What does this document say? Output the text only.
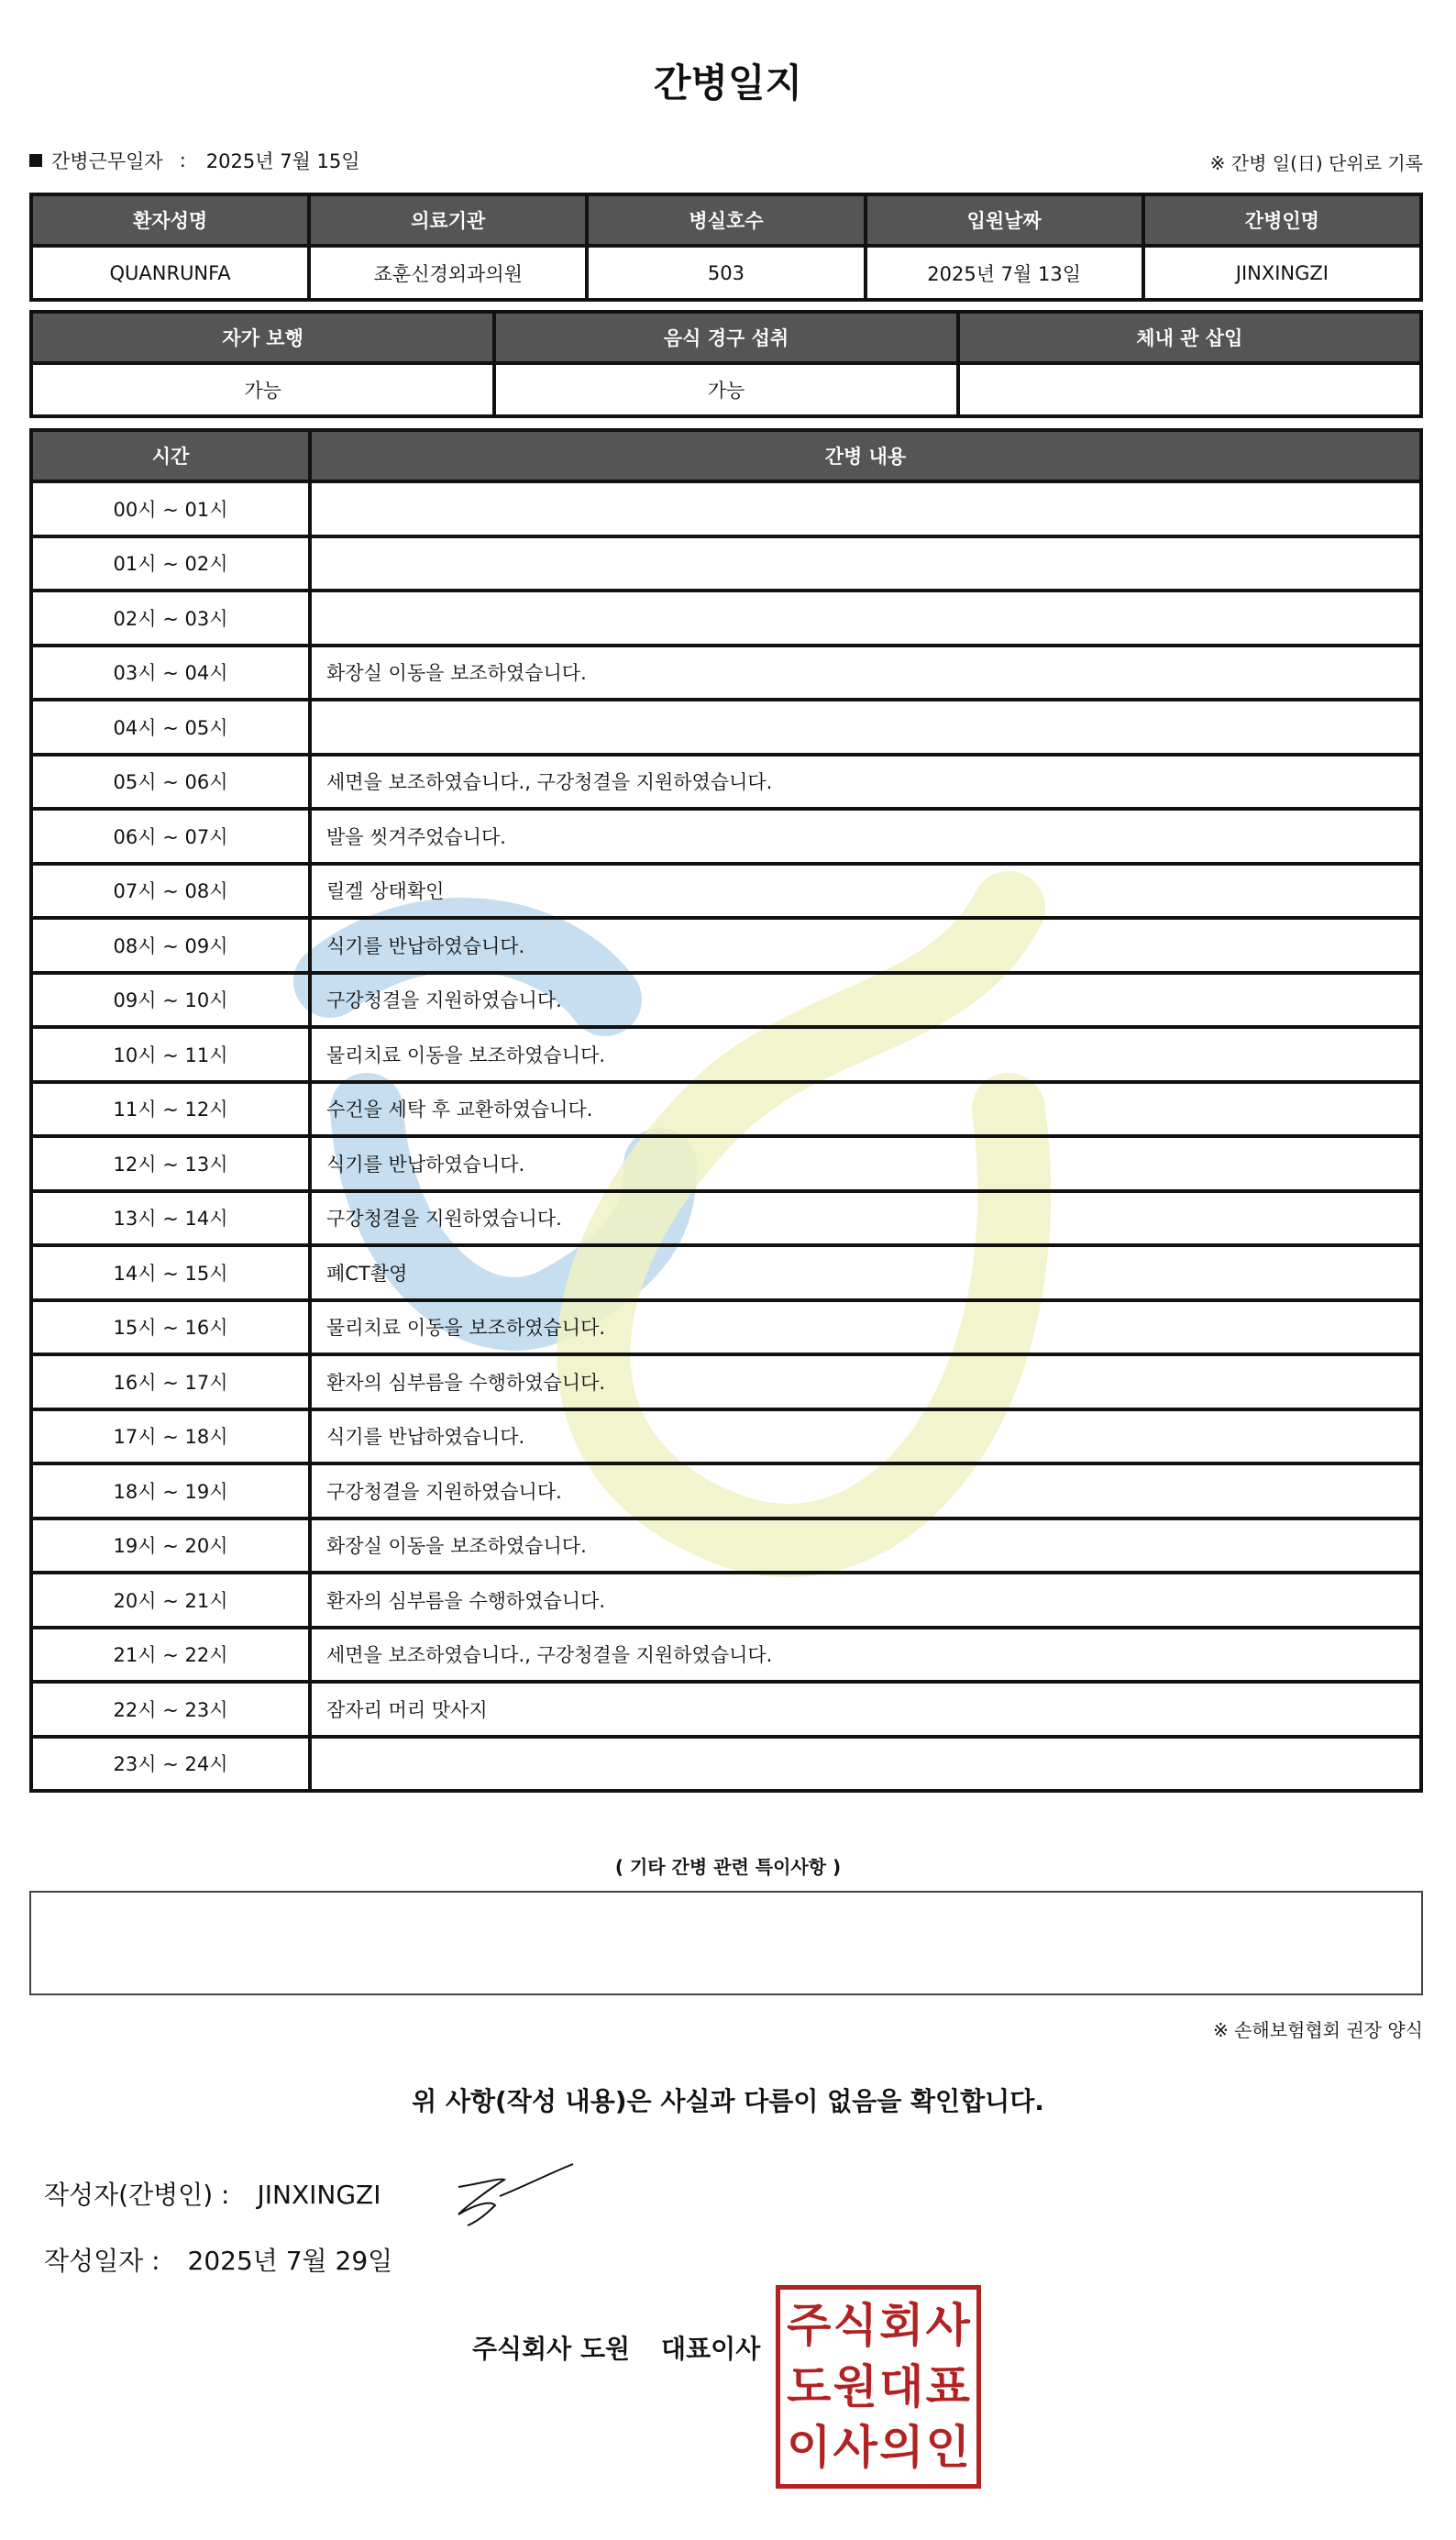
간병일지
간병근무일자 : 2025년 7월 15일	※ 간병 일(日) 단위로 기록
환자성명	의료기관	병실호수	입원날짜	간병인명
QUANRUNFA	죠훈신경외과의원	503	2025년 7월 13일	JINXINGZI
자가 보행	음식 경구 섭취	체내 관 삽입
가능	가능	
시간	간병 내용
00시 ~ 01시	
01시 ~ 02시	
02시 ~ 03시	
03시 ~ 04시	화장실 이동을 보조하였습니다.
04시 ~ 05시	
05시 ~ 06시	세면을 보조하였습니다., 구강청결을 지원하였습니다.
06시 ~ 07시	발을 씻겨주었습니다.
07시 ~ 08시	릴겔 상태확인
08시 ~ 09시	식기를 반납하였습니다.
09시 ~ 10시	구강청결을 지원하였습니다.
10시 ~ 11시	물리치료 이동을 보조하였습니다.
11시 ~ 12시	수건을 세탁 후 교환하였습니다.
12시 ~ 13시	식기를 반납하였습니다.
13시 ~ 14시	구강청결을 지원하였습니다.
14시 ~ 15시	폐CT촬영
15시 ~ 16시	물리치료 이동을 보조하였습니다.
16시 ~ 17시	환자의 심부름을 수행하였습니다.
17시 ~ 18시	식기를 반납하였습니다.
18시 ~ 19시	구강청결을 지원하였습니다.
19시 ~ 20시	화장실 이동을 보조하였습니다.
20시 ~ 21시	환자의 심부름을 수행하였습니다.
21시 ~ 22시	세면을 보조하였습니다., 구강청결을 지원하였습니다.
22시 ~ 23시	잠자리 머리 맛사지
23시 ~ 24시	
( 기타 간병 관련 특이사항 )
※ 손해보험협회 권장 양식
위 사항(작성 내용)은 사실과 다름이 없음을 확인합니다.
작성자(간병인) : JINXINGZI
작성일자 : 2025년 7월 29일
주식회사 도원 대표이사 주 식 회 사
도 원 대 표
이 사 의 인
